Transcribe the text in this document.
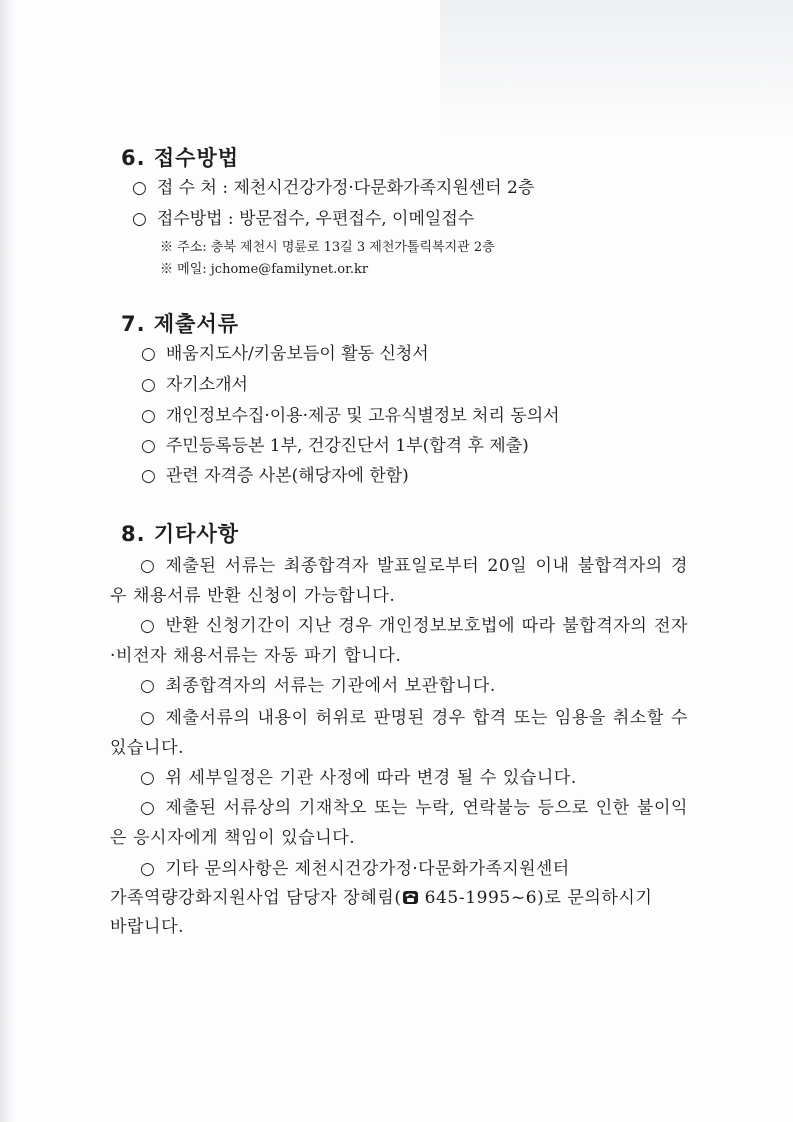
6. 접수방법

○ 접 수 처 : 제천시건강가정·다문화가족지원센터 2층

○ 접수방법 : 방문접수, 우편접수, 이메일접수

※ 주소: 충북 제천시 명륜로 13길 3 제천가톨릭복지관 2층

※ 메일: jchome@familynet.or.kr

7. 제출서류

○ 배움지도사/키움보듬이 활동 신청서

○ 자기소개서

○ 개인정보수집·이용·제공 및 고유식별정보 처리 동의서

○ 주민등록등본 1부, 건강진단서 1부(합격 후 제출)

○ 관련 자격증 사본(해당자에 한함)

8. 기타사항

○ 제출된 서류는 최종합격자 발표일로부터 20일 이내 불합격자의 경우 채용서류 반환 신청이 가능합니다.

○ 반환 신청기간이 지난 경우 개인정보보호법에 따라 불합격자의 전자·비전자 채용서류는 자동 파기 합니다.

○ 최종합격자의 서류는 기관에서 보관합니다.

○ 제출서류의 내용이 허위로 판명된 경우 합격 또는 임용을 취소할 수 있습니다.

○ 위 세부일정은 기관 사정에 따라 변경 될 수 있습니다.

○ 제출된 서류상의 기재착오 또는 누락, 연락불능 등으로 인한 불이익은 응시자에게 책임이 있습니다.

○ 기타 문의사항은 제천시건강가정·다문화가족지원센터

가족역량강화지원사업 담당자 장혜림( 645-1995~6)로 문의하시기

바랍니다.
